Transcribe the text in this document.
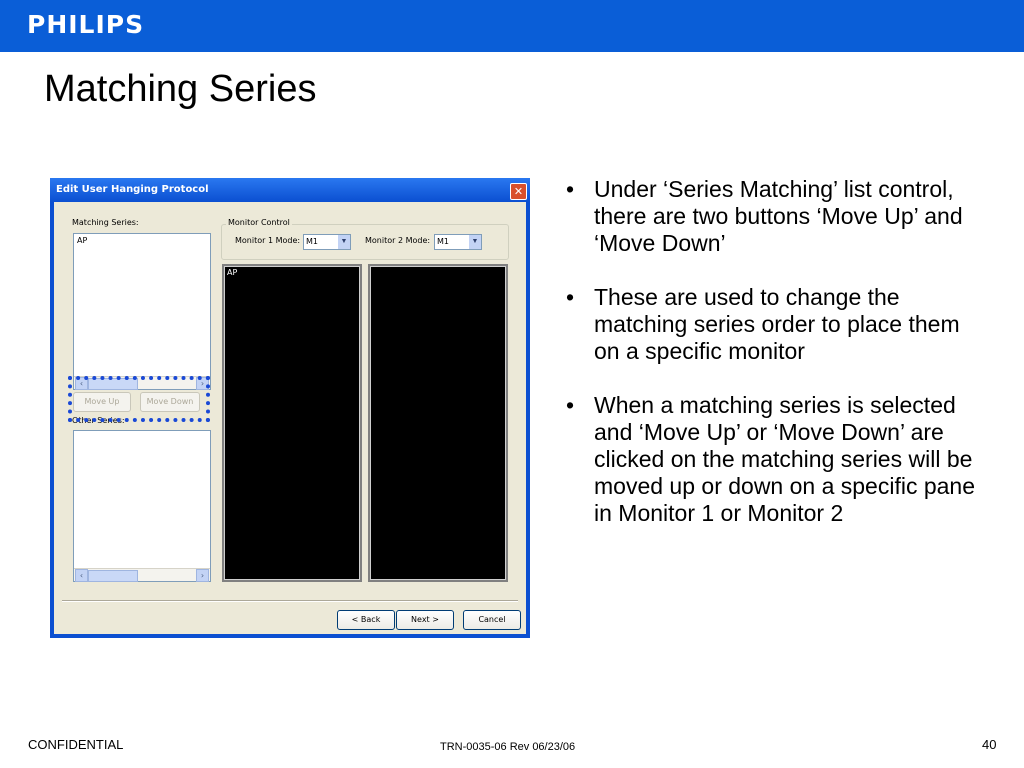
PHILIPS
Matching Series
Edit User Hanging Protocol	✕
Matching Series:
AP
‹	›
Move Up	Move Down
Other Series:
‹	›
Monitor Control
Monitor 1 Mode: M1	▼	Monitor 2 Mode: M1	▼
AP
< Back	Next >	Cancel
• Under ‘Series Matching’ list control, there are two buttons ‘Move Up’ and ‘Move Down’
• These are used to change the matching series order to place them on a specific monitor
• When a matching series is selected and ‘Move Up’ or ‘Move Down’ are clicked on the matching series will be moved up or down on a specific pane in Monitor 1 or Monitor 2
CONFIDENTIAL	TRN-0035-06 Rev 06/23/06	40
